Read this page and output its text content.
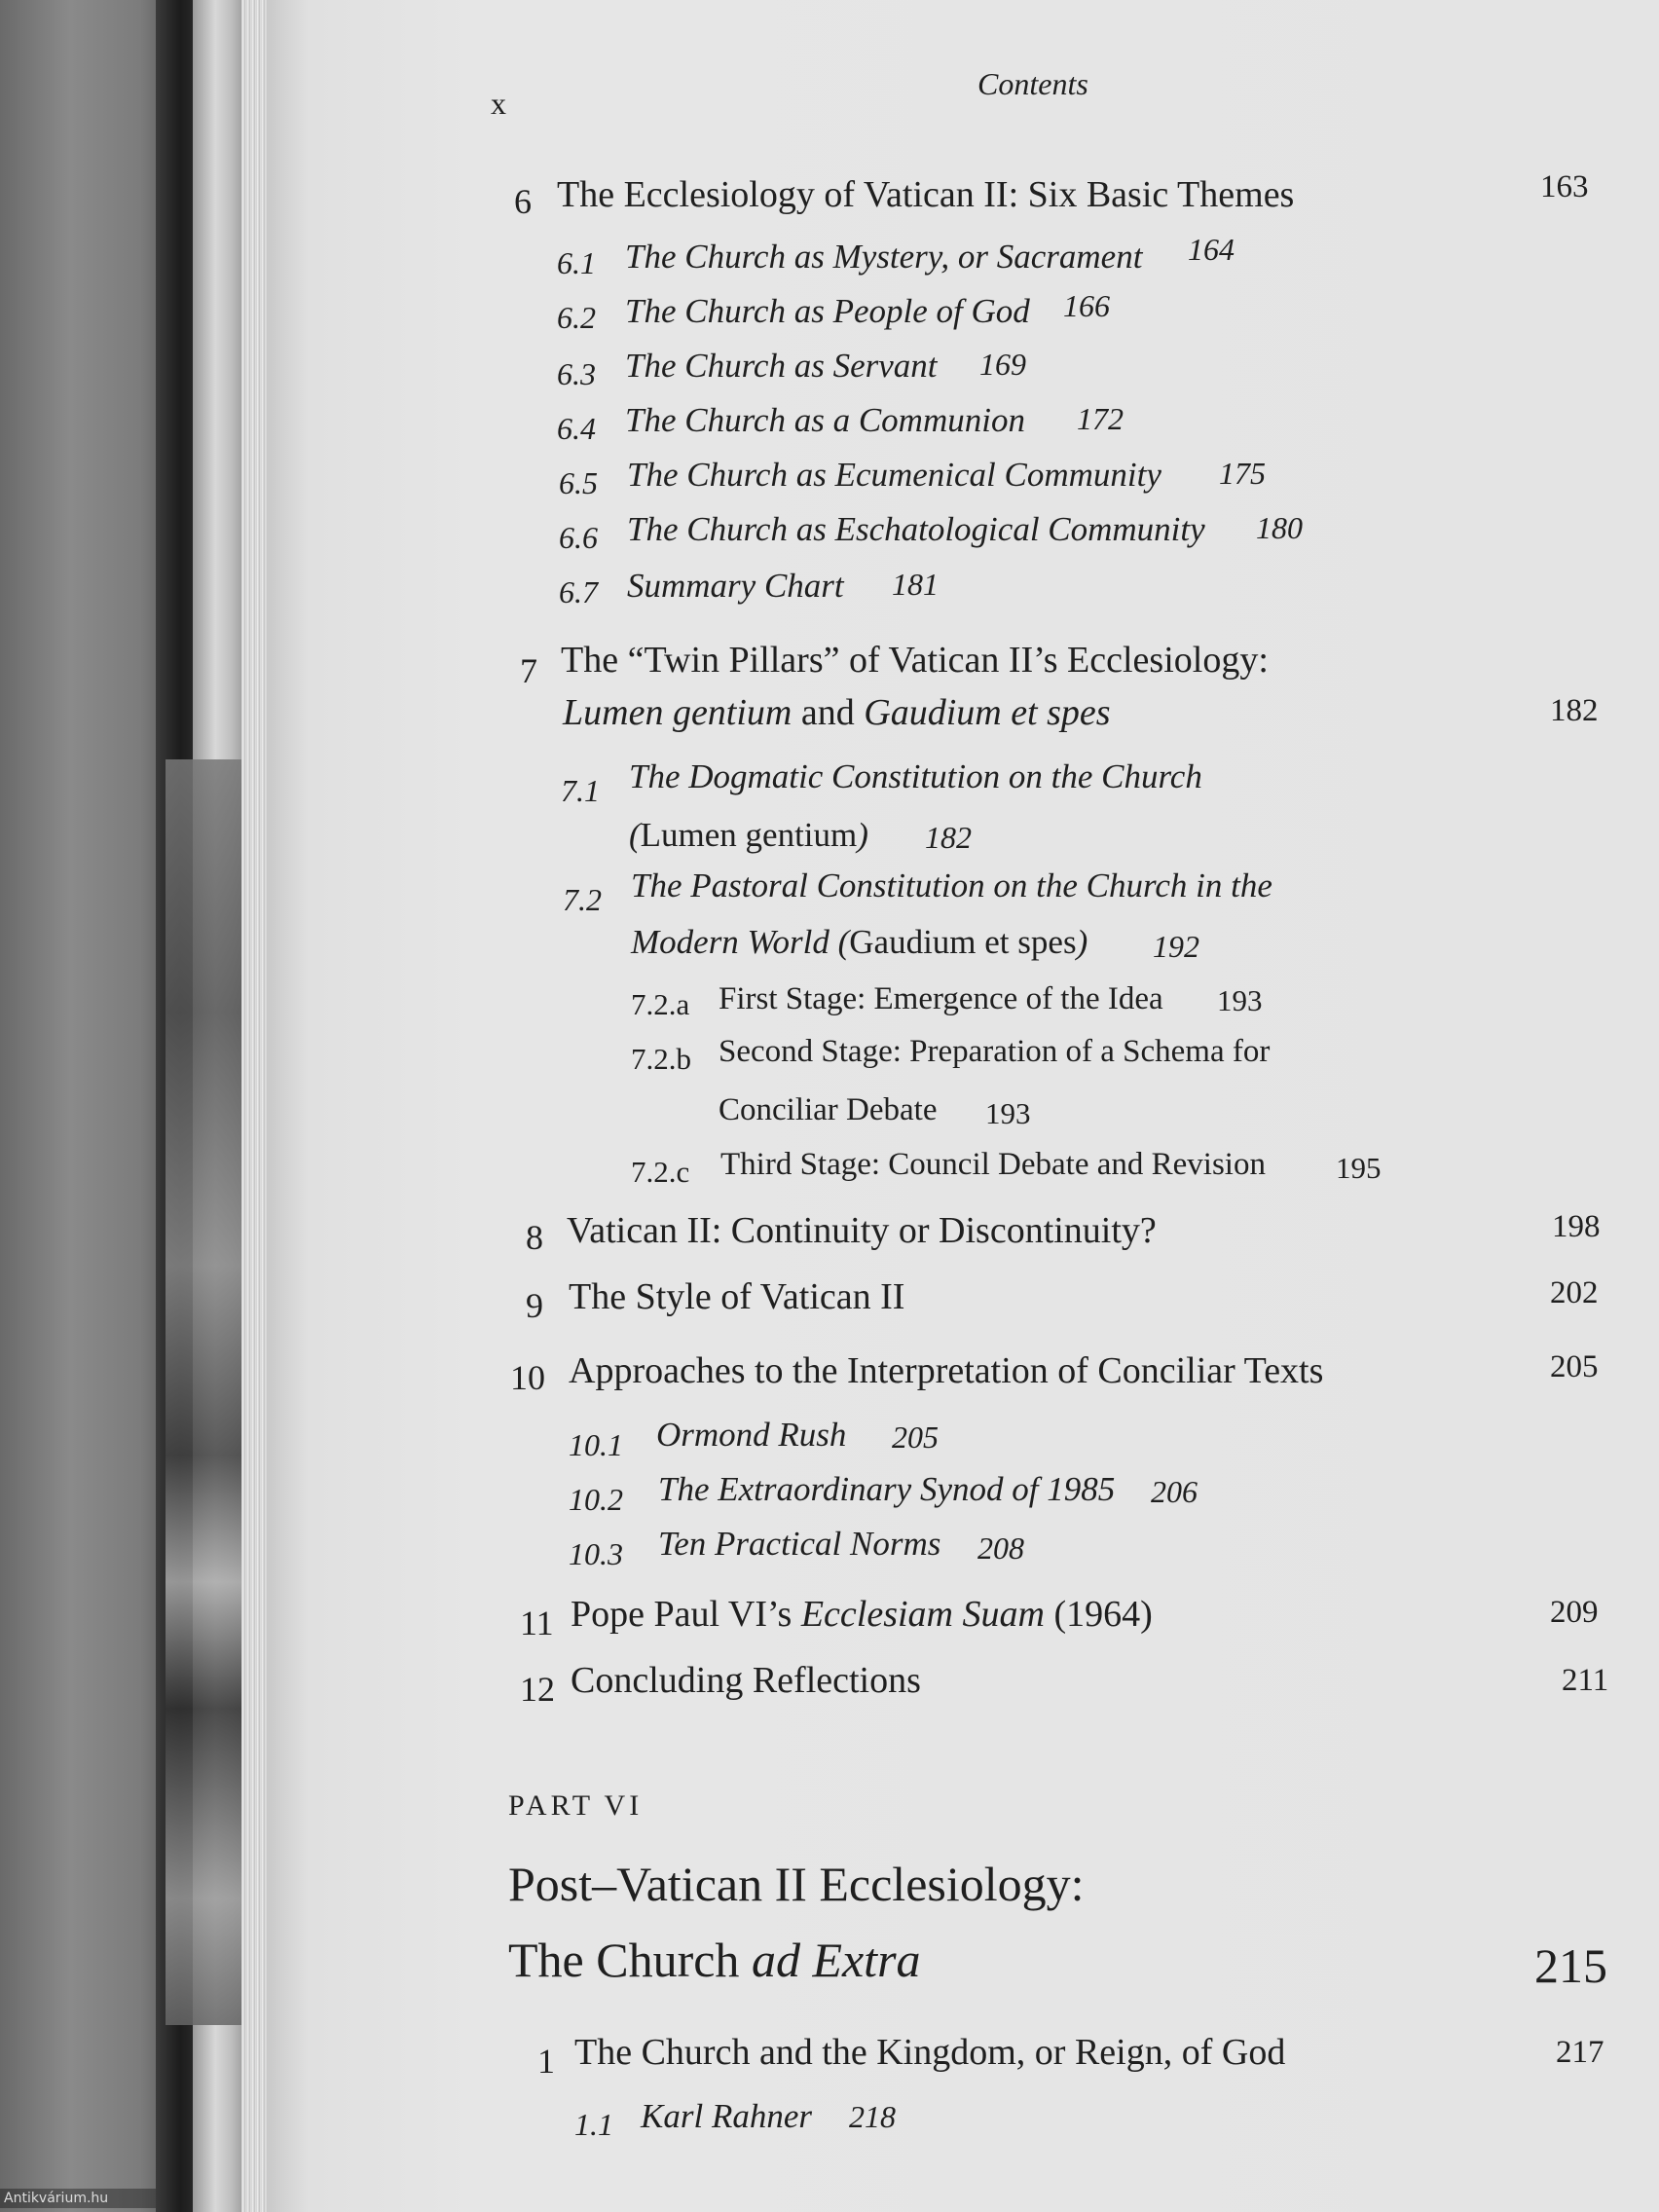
Antikvárium.hu
x
Contents
6 The Ecclesiology of Vatican II: Six Basic Themes	163
6.1 The Church as Mystery, or Sacrament 164
6.2 The Church as People of God 166
6.3 The Church as Servant 169
6.4 The Church as a Communion 172
6.5 The Church as Ecumenical Community 175
6.6 The Church as Eschatological Community 180
6.7 Summary Chart 181
7 The “Twin Pillars” of Vatican II’s Ecclesiology:
Lumen gentium and Gaudium et spes	182
7.1 The Dogmatic Constitution on the Church
(Lumen gentium) 182
7.2 The Pastoral Constitution on the Church in the
Modern World (Gaudium et spes) 192
7.2.a First Stage: Emergence of the Idea 193
7.2.b Second Stage: Preparation of a Schema for
Conciliar Debate 193
7.2.c Third Stage: Council Debate and Revision 195
8 Vatican II: Continuity or Discontinuity?	198
9 The Style of Vatican II	202
10 Approaches to the Interpretation of Conciliar Texts	205
10.1 Ormond Rush 205
10.2 The Extraordinary Synod of 1985 206
10.3 Ten Practical Norms 208
11 Pope Paul VI’s Ecclesiam Suam (1964)	209
12 Concluding Reflections	211
PART VI
Post–Vatican II Ecclesiology:
The Church ad Extra	215
1 The Church and the Kingdom, or Reign, of God	217
1.1 Karl Rahner 218
